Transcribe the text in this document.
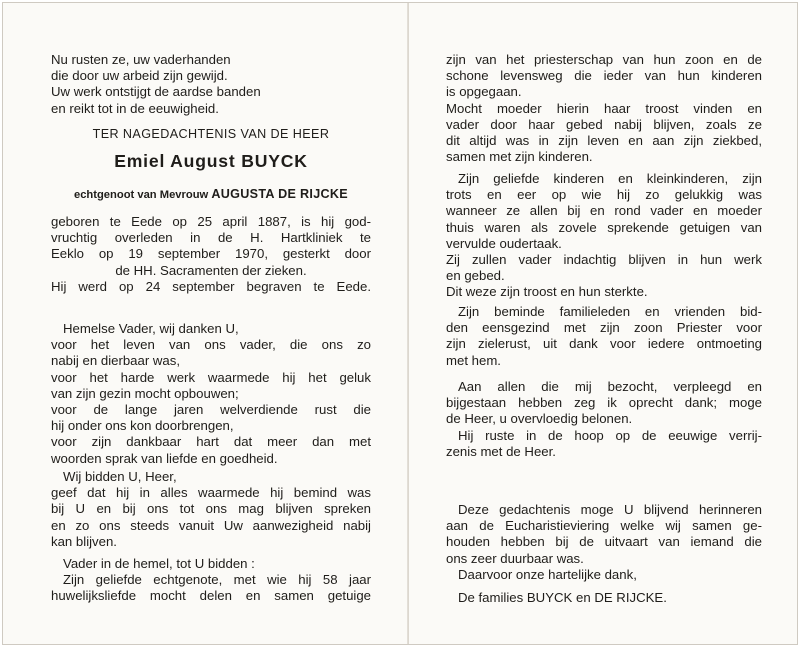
Nu rusten ze, uw vaderhanden
die door uw arbeid zijn gewijd.
Uw werk ontstijgt de aardse banden
en reikt tot in de eeuwigheid.
TER NAGEDACHTENIS VAN DE HEER
Emiel August BUYCK
echtgenoot van Mevrouw AUGUSTA DE RIJCKE
geboren te Eede op 25 april 1887, is hij god-
vruchtig overleden in de H. Hartkliniek te
Eeklo op 19 september 1970, gesterkt door
de HH. Sacramenten der zieken.
Hij werd op 24 september begraven te Eede.
Hemelse Vader, wij danken U,
voor het leven van ons vader, die ons zo
nabij en dierbaar was,
voor het harde werk waarmede hij het geluk
van zijn gezin mocht opbouwen;
voor de lange jaren welverdiende rust die
hij onder ons kon doorbrengen,
voor zijn dankbaar hart dat meer dan met
woorden sprak van liefde en goedheid.
Wij bidden U, Heer,
geef dat hij in alles waarmede hij bemind was
bij U en bij ons tot ons mag blijven spreken
en zo ons steeds vanuit Uw aanwezigheid nabij
kan blijven.
Vader in de hemel, tot U bidden :
Zijn geliefde echtgenote, met wie hij 58 jaar
huwelijksliefde mocht delen en samen getuige
zijn van het priesterschap van hun zoon en de
schone levensweg die ieder van hun kinderen
is opgegaan.
Mocht moeder hierin haar troost vinden en
vader door haar gebed nabij blijven, zoals ze
dit altijd was in zijn leven en aan zijn ziekbed,
samen met zijn kinderen.
Zijn geliefde kinderen en kleinkinderen, zijn
trots en eer op wie hij zo gelukkig was
wanneer ze allen bij en rond vader en moeder
thuis waren als zovele sprekende getuigen van
vervulde oudertaak.
Zij zullen vader indachtig blijven in hun werk
en gebed.
Dit weze zijn troost en hun sterkte.
Zijn beminde familieleden en vrienden bid-
den eensgezind met zijn zoon Priester voor
zijn zielerust, uit dank voor iedere ontmoeting
met hem.
Aan allen die mij bezocht, verpleegd en
bijgestaan hebben zeg ik oprecht dank; moge
de Heer, u overvloedig belonen.
Hij ruste in de hoop op de eeuwige verrij-
zenis met de Heer.
Deze gedachtenis moge U blijvend herinneren
aan de Eucharistieviering welke wij samen ge-
houden hebben bij de uitvaart van iemand die
ons zeer duurbaar was.
Daarvoor onze hartelijke dank,
De families BUYCK en DE RIJCKE.
